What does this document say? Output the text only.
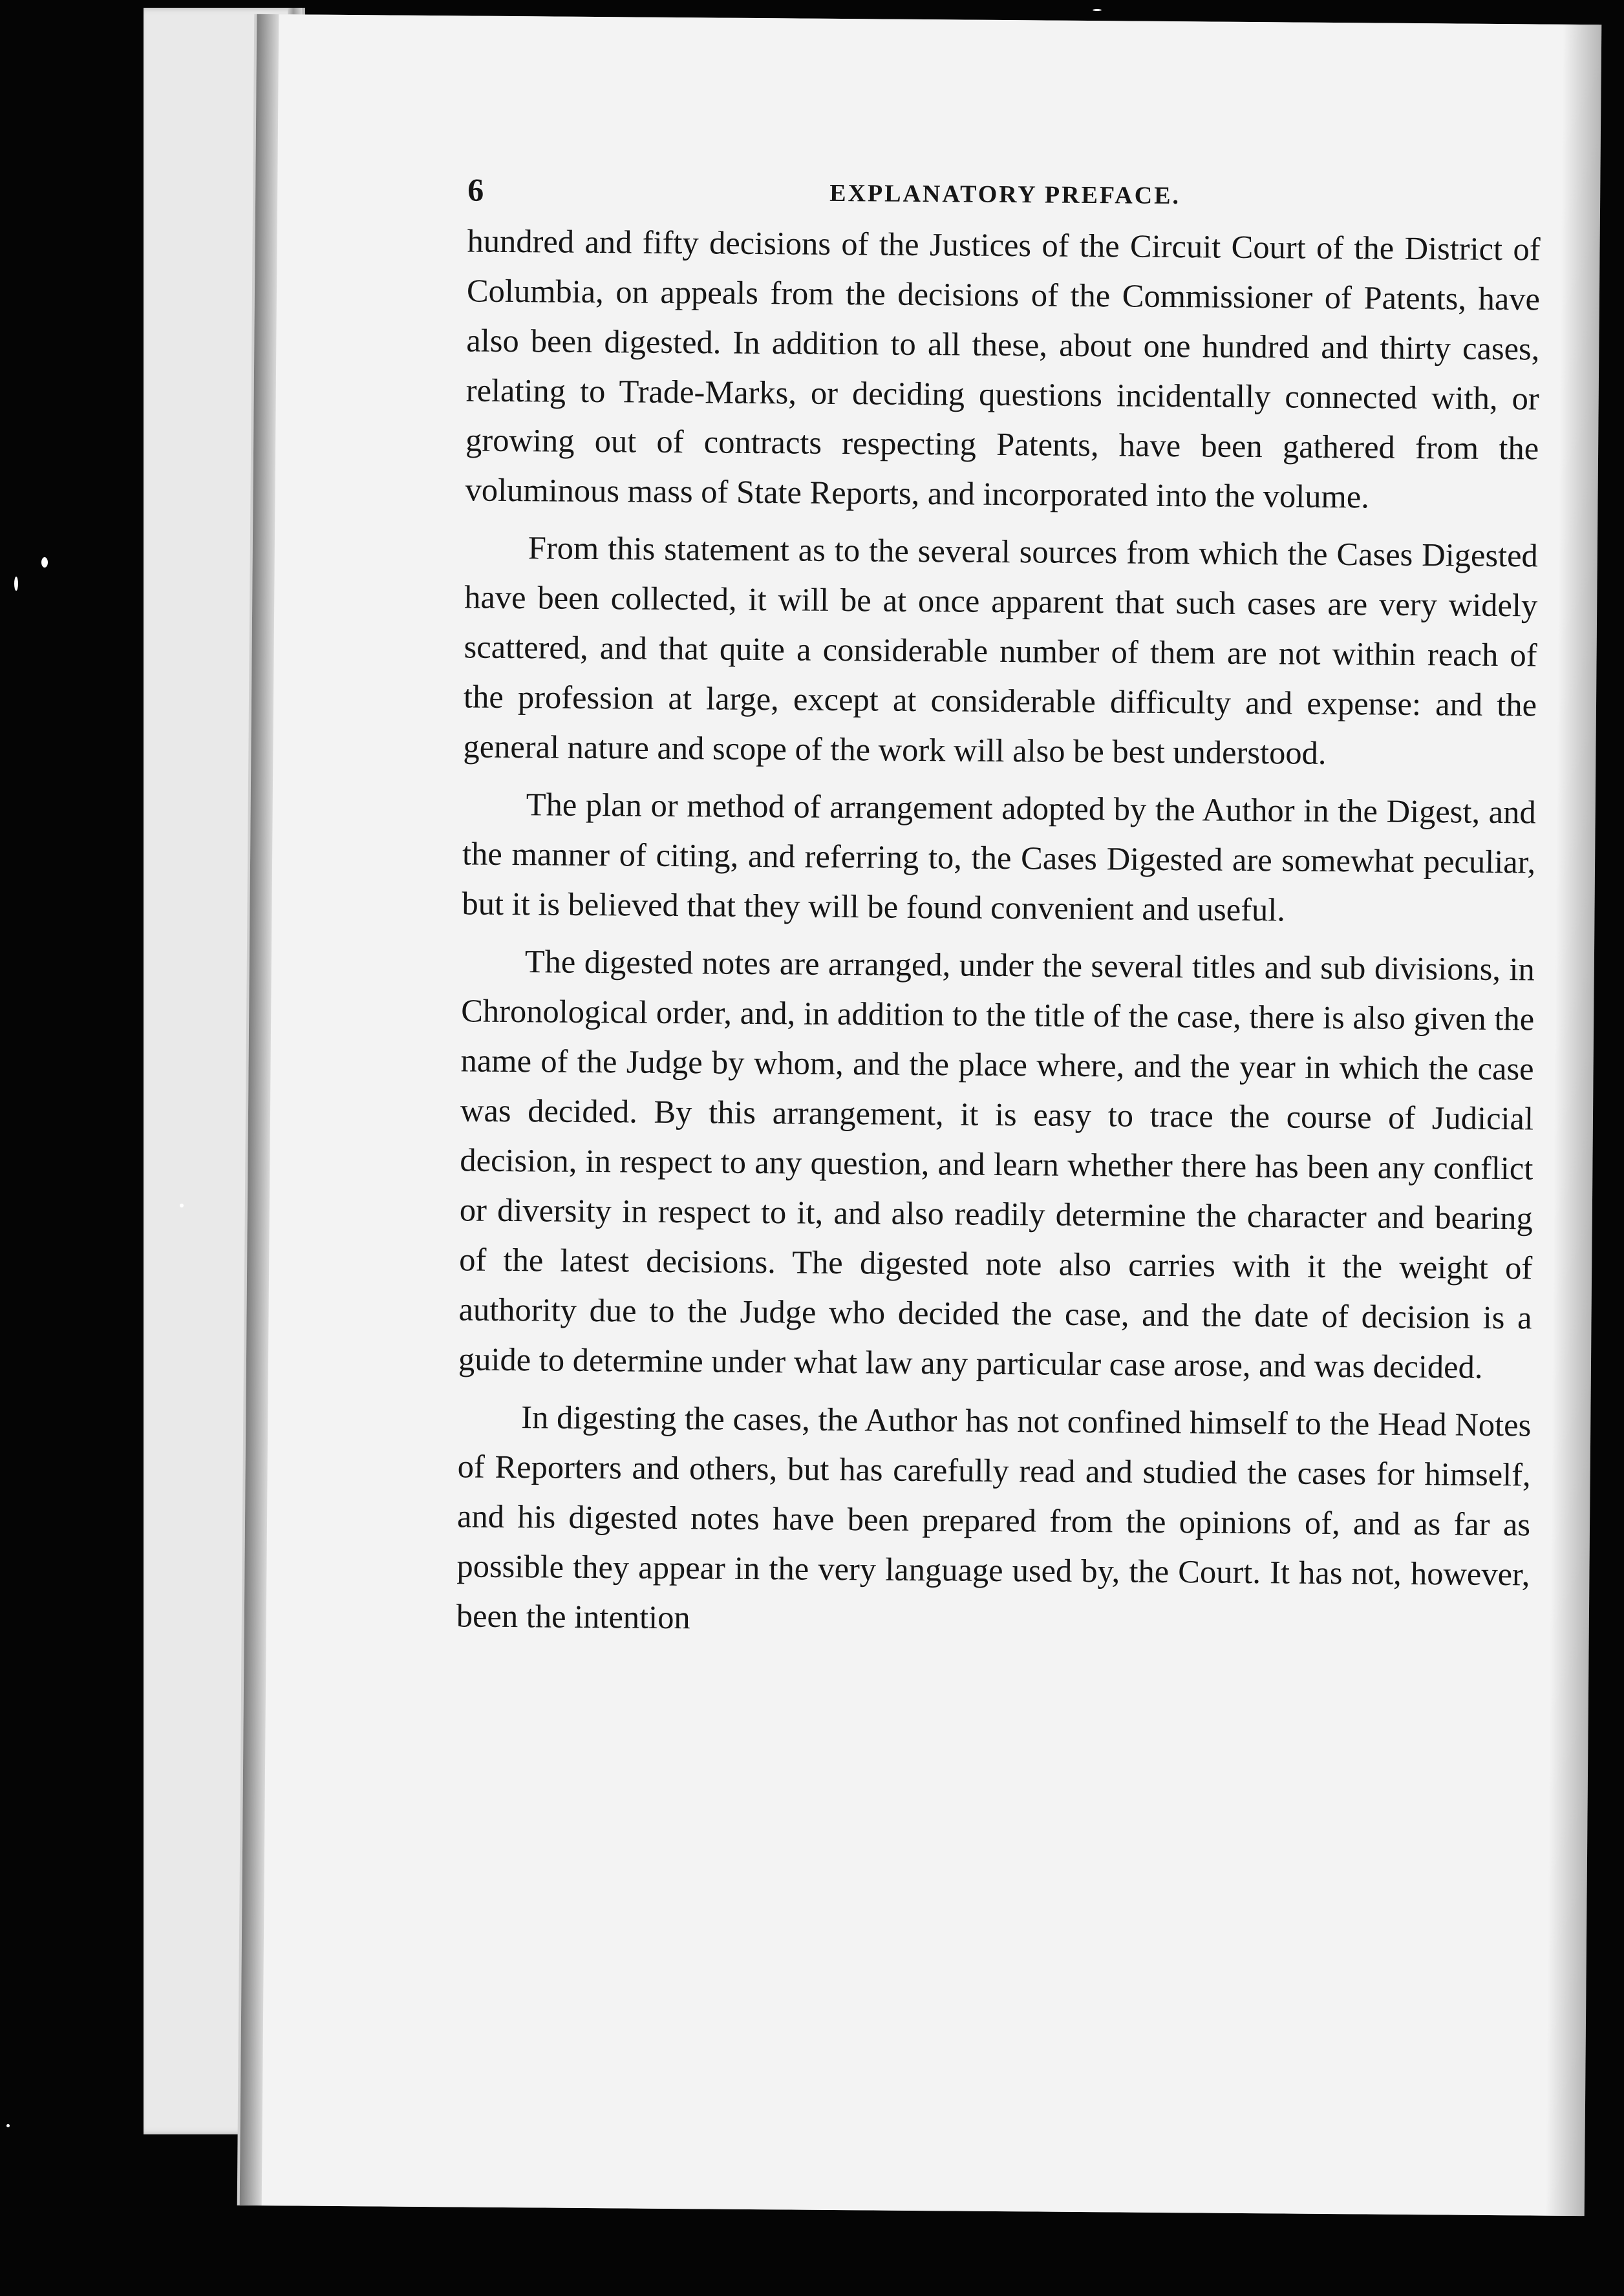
6	EXPLANATORY PREFACE.

hundred and fifty decisions of the Justices of the Circuit Court of the District of Columbia, on appeals from the decisions of the Commissioner of Patents, have also been digested. In addition to all these, about one hundred and thirty cases, relating to Trade-Marks, or deciding questions incidentally connected with, or growing out of contracts respecting Patents, have been gathered from the voluminous mass of State Reports, and incorporated into the volume.

From this statement as to the several sources from which the Cases Digested have been collected, it will be at once apparent that such cases are very widely scattered, and that quite a considerable number of them are not within reach of the profession at large, except at considerable difficulty and expense: and the general nature and scope of the work will also be best understood.

The plan or method of arrangement adopted by the Author in the Digest, and the manner of citing, and referring to, the Cases Digested are somewhat peculiar, but it is believed that they will be found convenient and useful.

The digested notes are arranged, under the several titles and sub divisions, in Chronological order, and, in addition to the title of the case, there is also given the name of the Judge by whom, and the place where, and the year in which the case was decided. By this arrangement, it is easy to trace the course of Judicial decision, in respect to any question, and learn whether there has been any conflict or diversity in respect to it, and also readily determine the character and bearing of the latest decisions. The digested note also carries with it the weight of authority due to the Judge who decided the case, and the date of decision is a guide to determine under what law any particular case arose, and was decided.

In digesting the cases, the Author has not confined himself to the Head Notes of Reporters and others, but has carefully read and studied the cases for himself, and his digested notes have been prepared from the opinions of, and as far as possible they appear in the very language used by, the Court. It has not, however, been the intention
